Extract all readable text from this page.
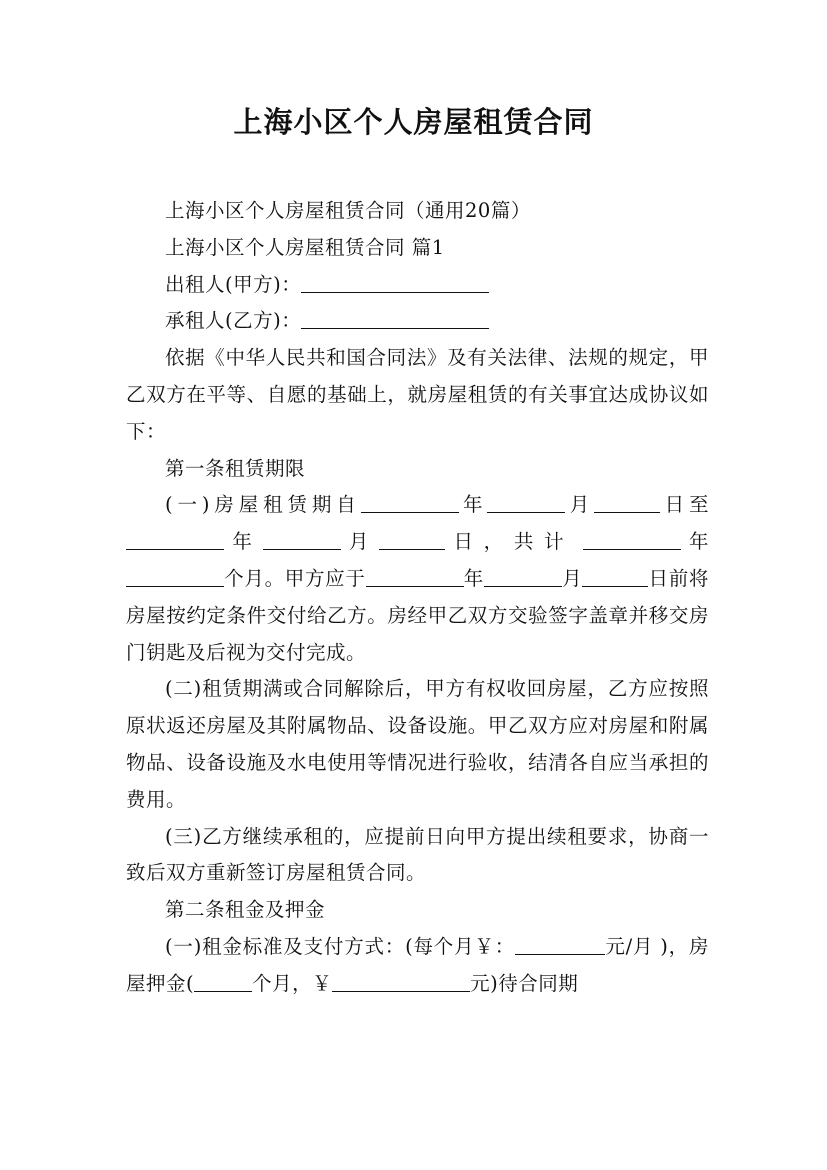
上海小区个人房屋租赁合同

上海小区个人房屋租赁合同（通用20篇）

上海小区个人房屋租赁合同 篇1

出租人(甲方)：

承租人(乙方)：

依据《中华人民共和国合同法》及有关法律、法规的规定，甲乙双方在平等、自愿的基础上，就房屋租赁的有关事宜达成协议如下：

第一条租赁期限

(一)房屋租赁期自	年	月	日至 年	月	日，共计	年个月。甲方应于	年	月	日前将房屋按约定条件交付给乙方。房经甲乙双方交验签字盖章并移交房门钥匙及后视为交付完成。

(二)租赁期满或合同解除后，甲方有权收回房屋，乙方应按照原状返还房屋及其附属物品、设备设施。甲乙双方应对房屋和附属物品、设备设施及水电使用等情况进行验收，结清各自应当承担的费用。

(三)乙方继续承租的，应提前日向甲方提出续租要求，协商一致后双方重新签订房屋租赁合同。

第二条租金及押金

(一)租金标准及支付方式：(每个月￥：	元/月 )，房屋押金(	个月，￥	元)待合同期
